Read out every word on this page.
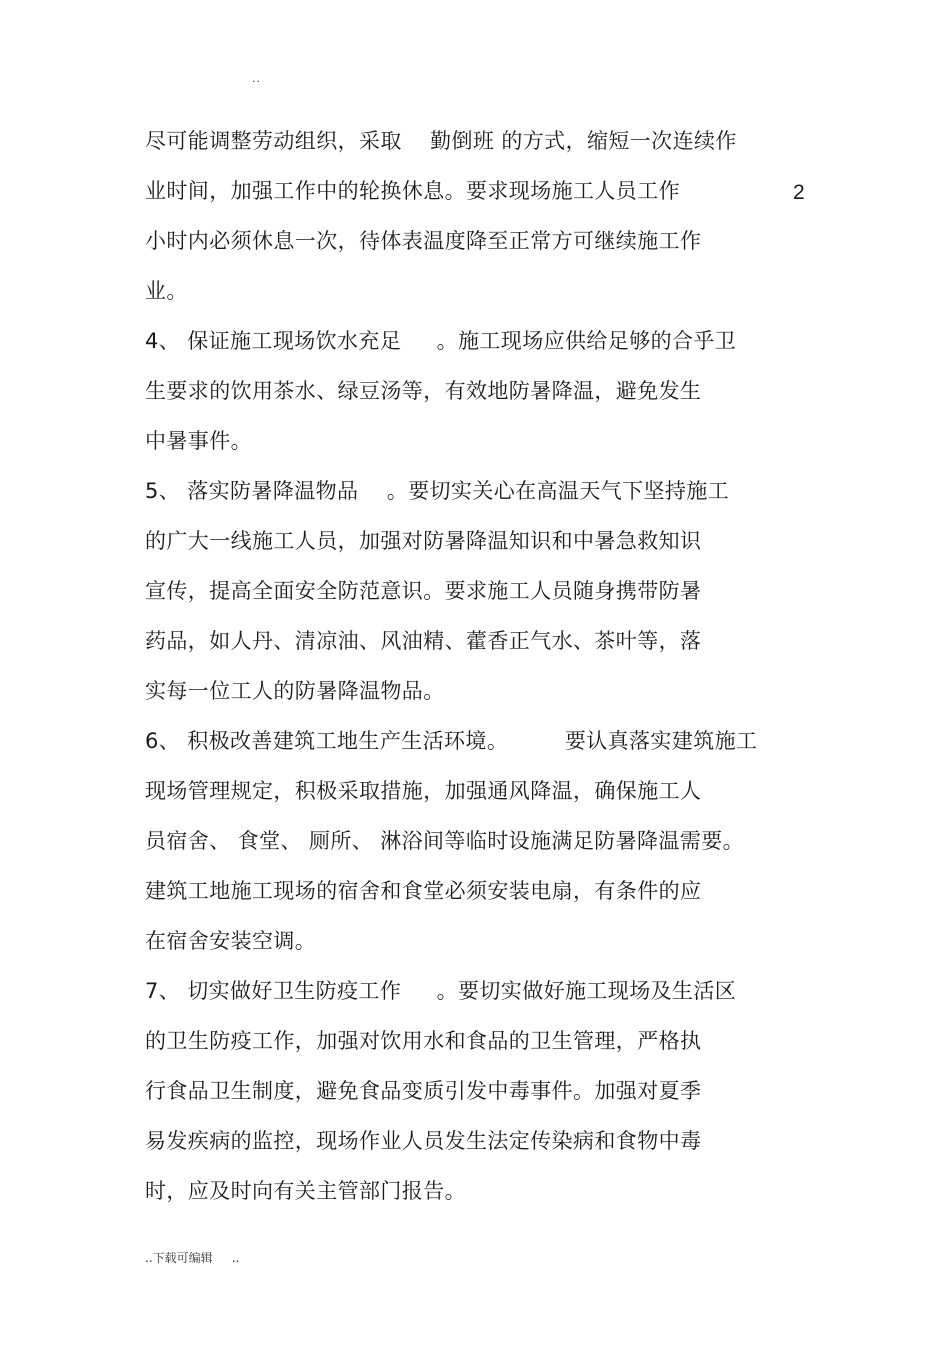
..
尽可能调整劳动组织，采取    勤倒班 的方式，缩短一次连续作
业时间，加强工作中的轮换休息。要求现场施工人员工作	2
小时内必须休息一次，待体表温度降至正常方可继续施工作
业。
4、 保证施工现场饮水充足     。施工现场应供给足够的合乎卫
生要求的饮用茶水、绿豆汤等，有效地防暑降温，避免发生
中暑事件。
5、 落实防暑降温物品    。要切实关心在高温天气下坚持施工
的广大一线施工人员，加强对防暑降温知识和中暑急救知识
宣传，提高全面安全防范意识。要求施工人员随身携带防暑
药品，如人丹、清凉油、风油精、藿香正气水、茶叶等，落
实每一位工人的防暑降温物品。
6、 积极改善建筑工地生产生活环境。        要认真落实建筑施工
现场管理规定，积极采取措施，加强通风降温，确保施工人
员宿舍、 食堂、 厕所、 淋浴间等临时设施满足防暑降温需要。
建筑工地施工现场的宿舍和食堂必须安装电扇，有条件的应
在宿舍安装空调。
7、 切实做好卫生防疫工作     。要切实做好施工现场及生活区
的卫生防疫工作，加强对饮用水和食品的卫生管理，严格执
行食品卫生制度，避免食品变质引发中毒事件。加强对夏季
易发疾病的监控，现场作业人员发生法定传染病和食物中毒
时，应及时向有关主管部门报告。
..下载可编辑     ..
